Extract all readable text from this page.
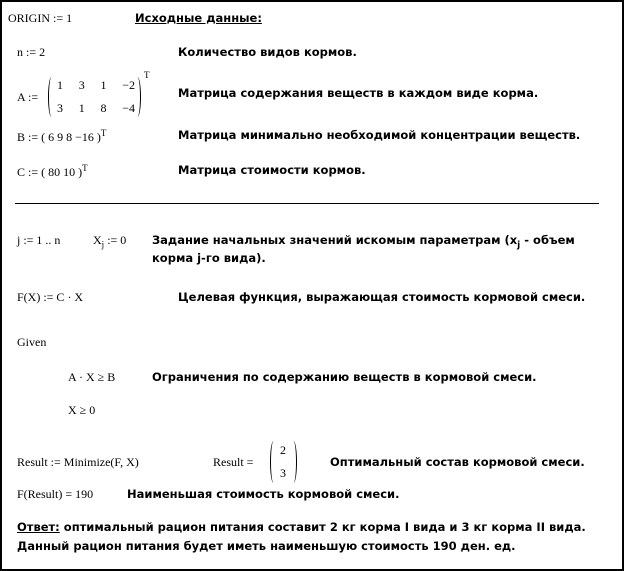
ORIGIN := 1	Исходные данные:
n := 2	Количество видов кормов.
A :=
1 3 1 −2
3 1 8 −4
T
Матрица содержания веществ в каждом виде корма.
B := ( 6 9 8 −16 )$^T$	Матрица минимально необходимой концентрации веществ.
C := ( 80 10 )$^T$	Матрица стоимости кормов.
j := 1 .. n	$X_j$ := 0 Задание начальных значений искомым параметрам ($x_j$ - объем
корма j-го вида).
F(X) := C · X	Целевая функция, выражающая стоимость кормовой смеси.
Given
A · X ≥ B	Ограничения по содержанию веществ в кормовой смеси.
X ≥ 0
Result := Minimize(F, X)	Result =
2
3
Оптимальный состав кормовой смеси.
F(Result) = 190	Наименьшая стоимость кормовой смеси.
Ответ: оптимальный рацион питания составит 2 кг корма I вида и 3 кг корма II вида.
Данный рацион питания будет иметь наименьшую стоимость 190 ден. ед.
